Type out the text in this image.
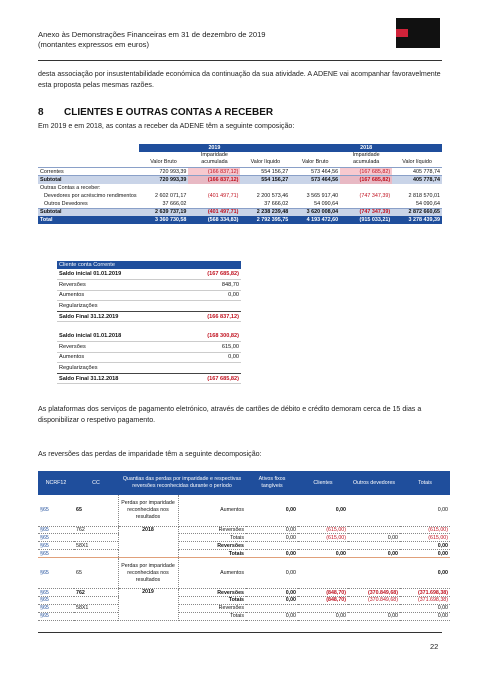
Anexo às Demonstrações Financeiras em 31 de dezembro de 2019
(montantes expressos em euros)
desta associação por insustentabilidade económica da continuação da sua atividade. A ADENE vai acompanhar favoravelmente esta proposta pelas mesmas razões.
8 CLIENTES E OUTRAS CONTAS A RECEBER
Em 2019 e em 2018, as contas a receber da ADENE têm a seguinte composição:
	2019			2018		
	Valor Bruto	Imparidade acumulada	Valor líquido	Valor Bruto	Imparidade acumulada	Valor líquido
Correntes	720 993,39	(166 837,12)	554 156,27	573 464,56	(167 685,82)	405 778,74
Subtotal	720 993,39	(166 837,12)	554 156,27	573 464,56	(167 685,82)	405 778,74
Outras Contas a receber:						
Devedores por acréscimo rendimentos	2 602 071,17	(401 497,71)	2 200 573,46	3 565 917,40	(747 347,39)	2 818 570,01
Outros Devedores	37 666,02		37 666,02	54 090,64		54 090,64
Subtotal	2 639 737,19	(401 497,71)	2 238 239,48	3 620 008,04	(747 347,39)	2 872 660,65
Total	3 360 730,58	(568 334,83)	2 792 395,75	4 193 472,60	(915 033,21)	3 278 439,39
Cliente conta Corrente	
Saldo inicial 01.01.2019	(167 685,82)
Reversões	848,70
Aumentos	0,00
Regularizações	
Saldo Final 31.12.2019	(166 837,12)
Saldo inicial 01.01.2018	(168 300,82)
Reversões	615,00
Aumentos	0,00
Regularizações	
Saldo Final 31.12.2018	(167 685,82)
As plataformas dos serviços de pagamento eletrónico, através de cartões de débito e crédito demoram cerca de 15 dias a disponibilizar o respetivo pagamento.
As reversões das perdas de imparidade têm a seguinte decomposição:
NCRF12	CC	Quantias das perdas por imparidade e respectivas reversões reconhecidas durante o período		Ativos fixos tangíveis	Clientes	Outros devedores	Totais
§65	65	Perdas por imparidade reconhecidas nos resultados	Aumentos	0,00	0,00		0,00
§65	762	2018	Reversões	0,00	(615,00)		(615,00)
§65			Totais	0,00	(615,00)	0,00	(615,00)
§65	58X1		Reversões				0,00
§65			Totais	0,00	0,00	0,00	0,00
§65	65	Perdas por imparidade reconhecidas nos resultados	Aumentos	0,00			0,00
§65	762	2019	Reversões	0,00	(848,70)	(370.849,68)	(371.698,38)
§65			Totais	0,00	(848,70)	(370.849,68)	(371.698,38)
§65	58X1		Reversões				0,00
§65			Totais	0,00	0,00	0,00	0,00
22
